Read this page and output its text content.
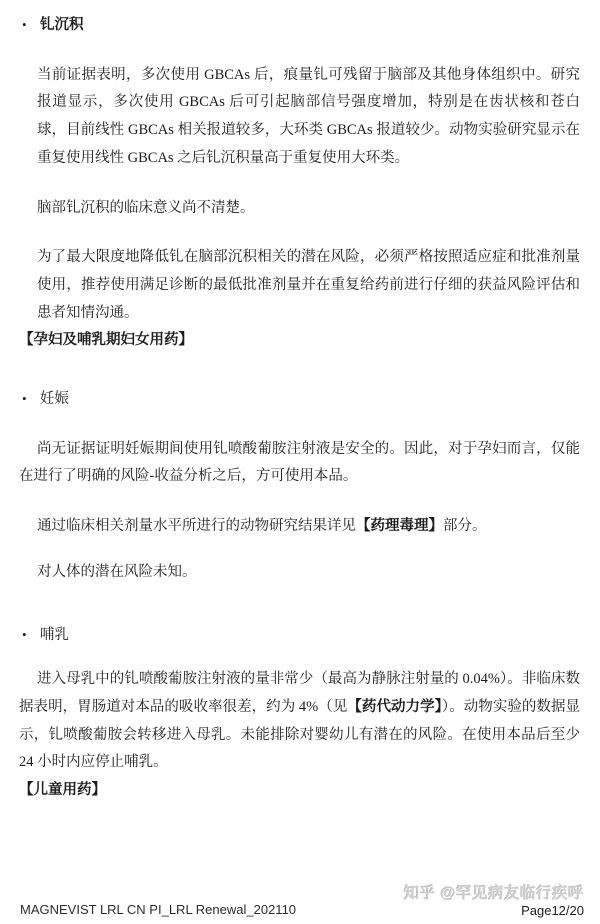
• 钆沉积

当前证据表明，多次使用 GBCAs 后，痕量钆可残留于脑部及其他身体组织中。研究报道显示，多次使用 GBCAs 后可引起脑部信号强度增加，特别是在齿状核和苍白球，目前线性 GBCAs 相关报道较多，大环类 GBCAs 报道较少。动物实验研究显示在重复使用线性 GBCAs 之后钆沉积量高于重复使用大环类。

脑部钆沉积的临床意义尚不清楚。

为了最大限度地降低钆在脑部沉积相关的潜在风险，必须严格按照适应症和批准剂量使用，推荐使用满足诊断的最低批准剂量并在重复给药前进行仔细的获益风险评估和患者知情沟通。

【孕妇及哺乳期妇女用药】
• 妊娠

尚无证据证明妊娠期间使用钆喷酸葡胺注射液是安全的。因此，对于孕妇而言，仅能在进行了明确的风险-收益分析之后，方可使用本品。

通过临床相关剂量水平所进行的动物研究结果详见【药理毒理】部分。

对人体的潜在风险未知。

• 哺乳

进入母乳中的钆喷酸葡胺注射液的量非常少（最高为静脉注射量的 0.04%）。非临床数据表明，胃肠道对本品的吸收率很差，约为 4%（见【药代动力学】）。动物实验的数据显示，钆喷酸葡胺会转移进入母乳。未能排除对婴幼儿有潜在的风险。在使用本品后至少 24 小时内应停止哺乳。

【儿童用药】
MAGNEVIST LRL CN PI_LRL Renewal_202110
知乎 @罕见病友临行疾呼
Page12/20
